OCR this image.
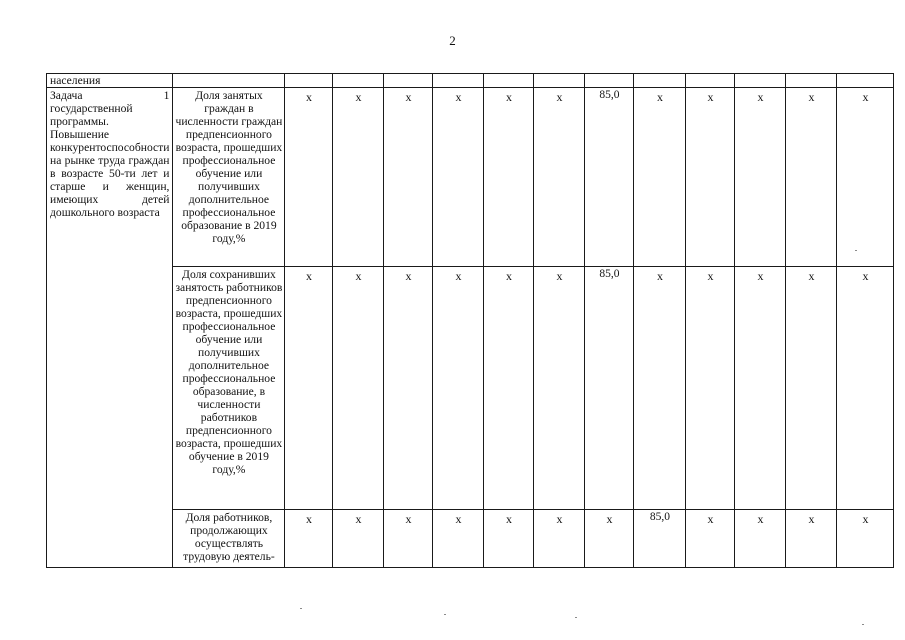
2
населения													
Задача 1 государственной программы. Повышение конкурентоспособности на рынке труда граждан в возрасте 50-ти лет и старше и женщин, имеющих детей дошкольного возраста	Доля занятых граждан в численности граждан предпенсионного возраста, прошедших профессиональное обучение или получивших дополнительное профессиональное образование в 2019 году,%	x	x	x	x	x	x	85,0	x	x	x	x	x
	Доля сохранивших занятость работников предпенсионного возраста, прошедших профессиональное обучение или получивших дополнительное профессиональное образование, в численности работников предпенсионного возраста, прошедших обучение в 2019 году,%	x	x	x	x	x	x	85,0	x	x	x	x	x
	Доля работников, продолжающих осуществлять трудовую деятель-	x	x	x	x	x	x	x	85,0	x	x	x	x
